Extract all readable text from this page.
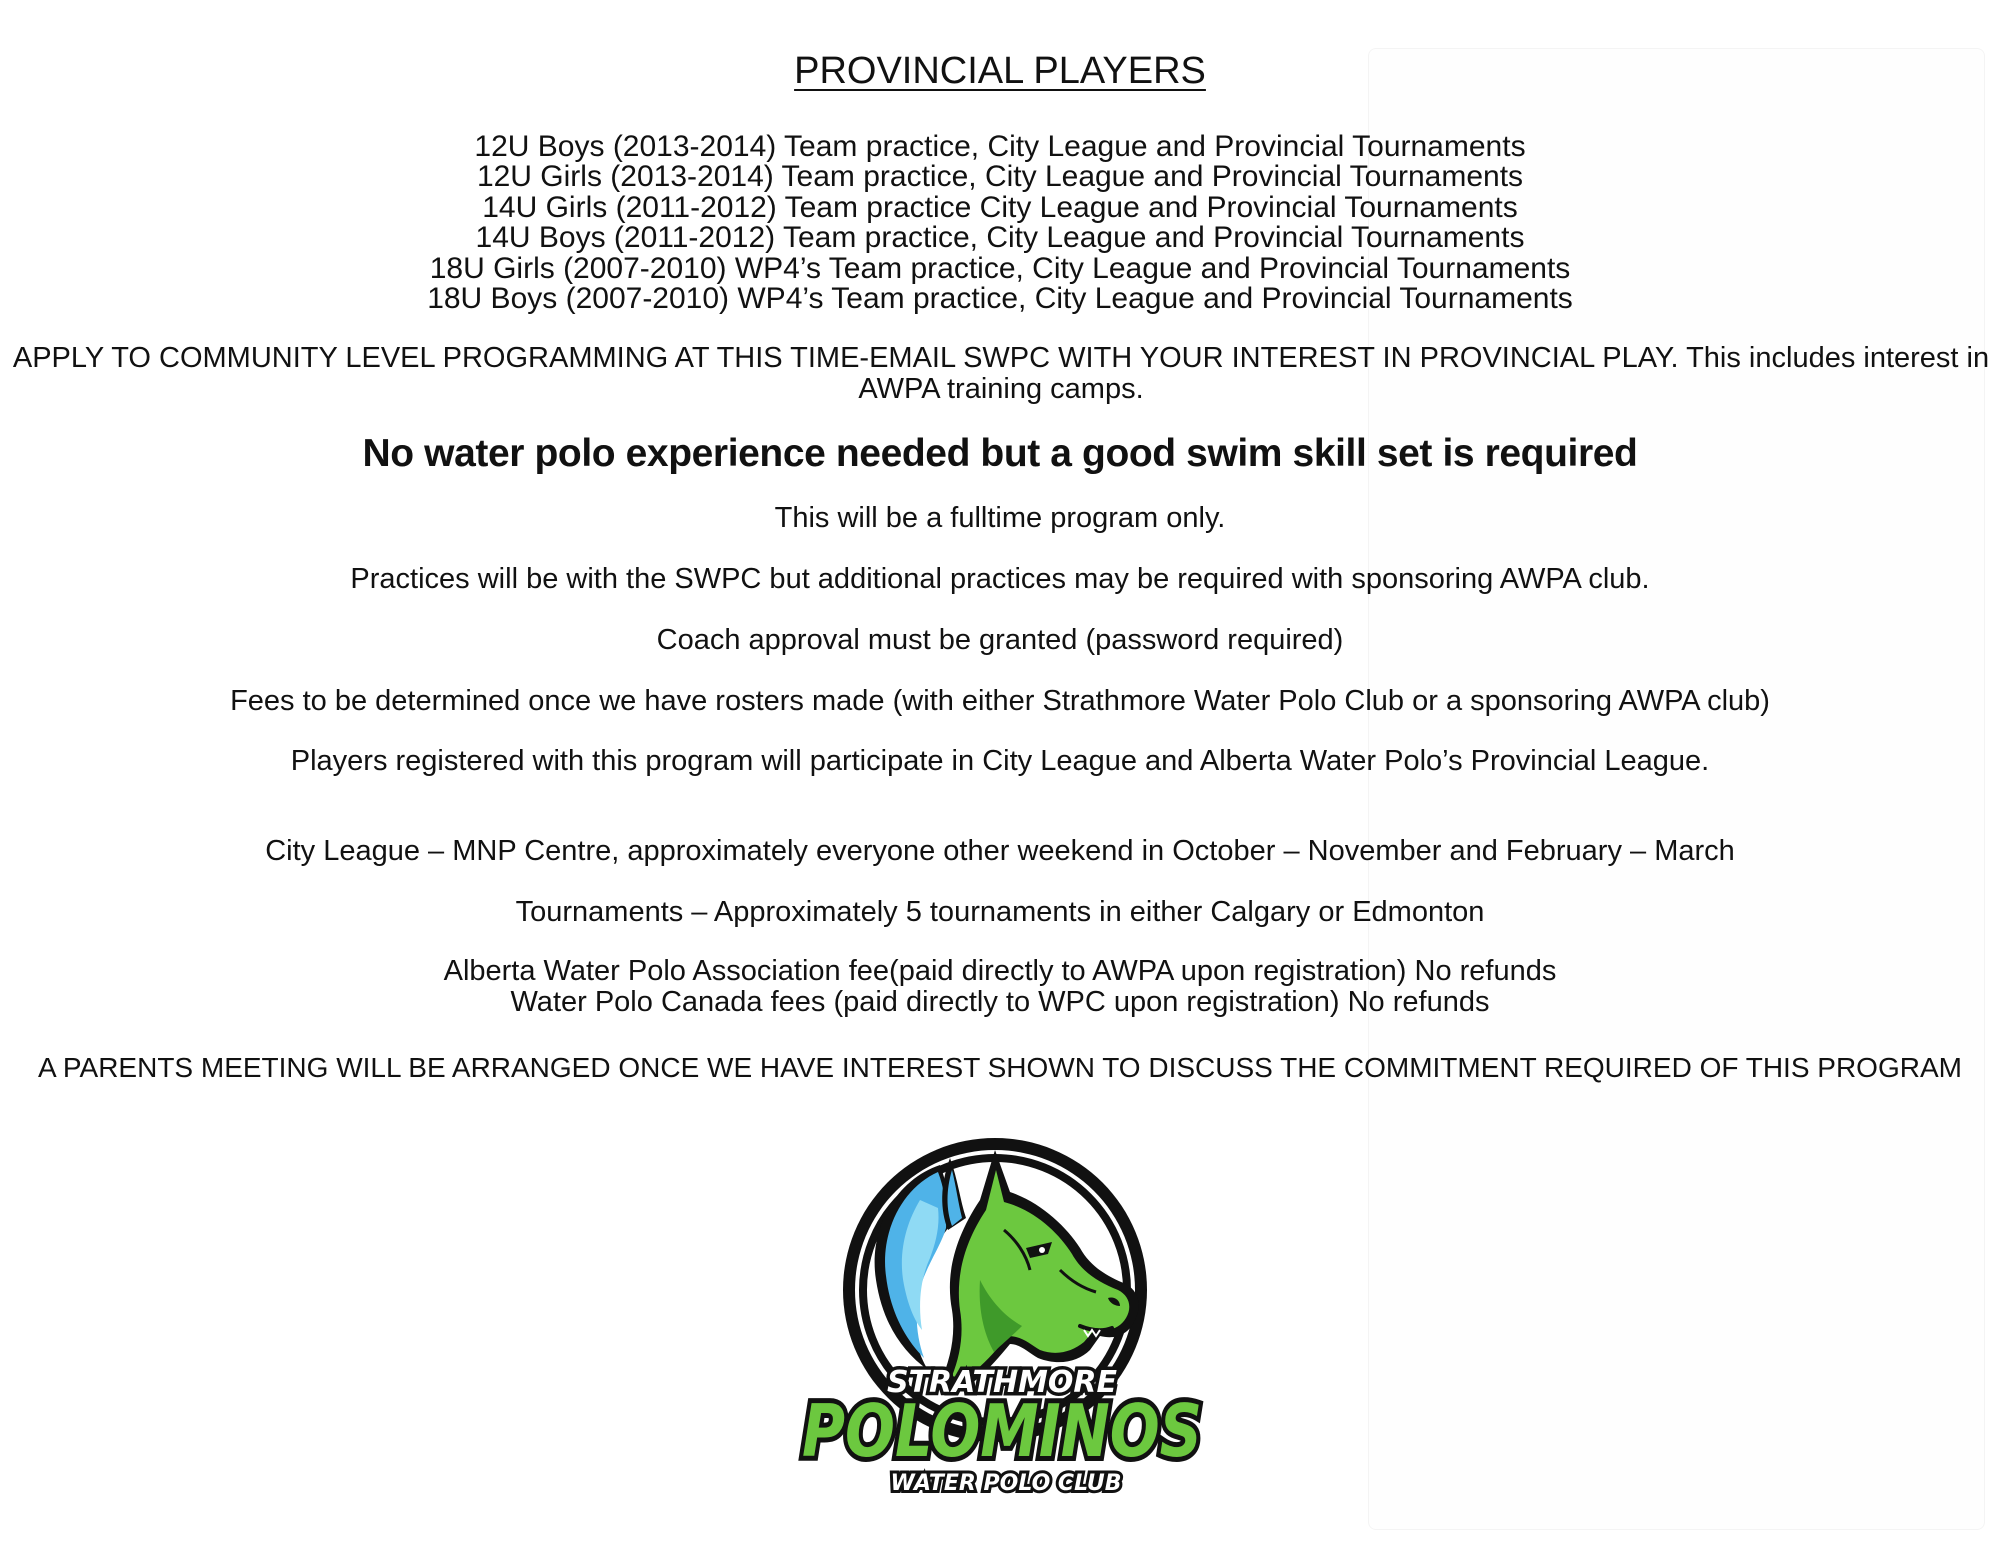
PROVINCIAL PLAYERS
12U Boys (2013-2014) Team practice, City League and Provincial Tournaments
12U Girls (2013-2014) Team practice, City League and Provincial Tournaments
14U Girls (2011-2012) Team practice City League and Provincial Tournaments
14U Boys (2011-2012) Team practice, City League and Provincial Tournaments
18U Girls (2007-2010) WP4’s Team practice, City League and Provincial Tournaments
18U Boys (2007-2010) WP4’s Team practice, City League and Provincial Tournaments
APPLY TO COMMUNITY LEVEL PROGRAMMING AT THIS TIME-EMAIL SWPC WITH YOUR INTEREST IN PROVINCIAL PLAY. This includes interest in AWPA training camps.
No water polo experience needed but a good swim skill set is required
This will be a fulltime program only.
Practices will be with the SWPC but additional practices may be required with sponsoring AWPA club.
Coach approval must be granted (password required)
Fees to be determined once we have rosters made (with either Strathmore Water Polo Club or a sponsoring AWPA club)
Players registered with this program will participate in City League and Alberta Water Polo’s Provincial League.
City League – MNP Centre, approximately everyone other weekend in October – November and February – March
Tournaments – Approximately 5 tournaments in either Calgary or Edmonton
Alberta Water Polo Association fee(paid directly to AWPA upon registration) No refunds
Water Polo Canada fees (paid directly to WPC upon registration) No refunds
A PARENTS MEETING WILL BE ARRANGED ONCE WE HAVE INTEREST SHOWN TO DISCUSS THE COMMITMENT REQUIRED OF THIS PROGRAM
STRATHMORE
POLOMINOS
WATER POLO CLUB
